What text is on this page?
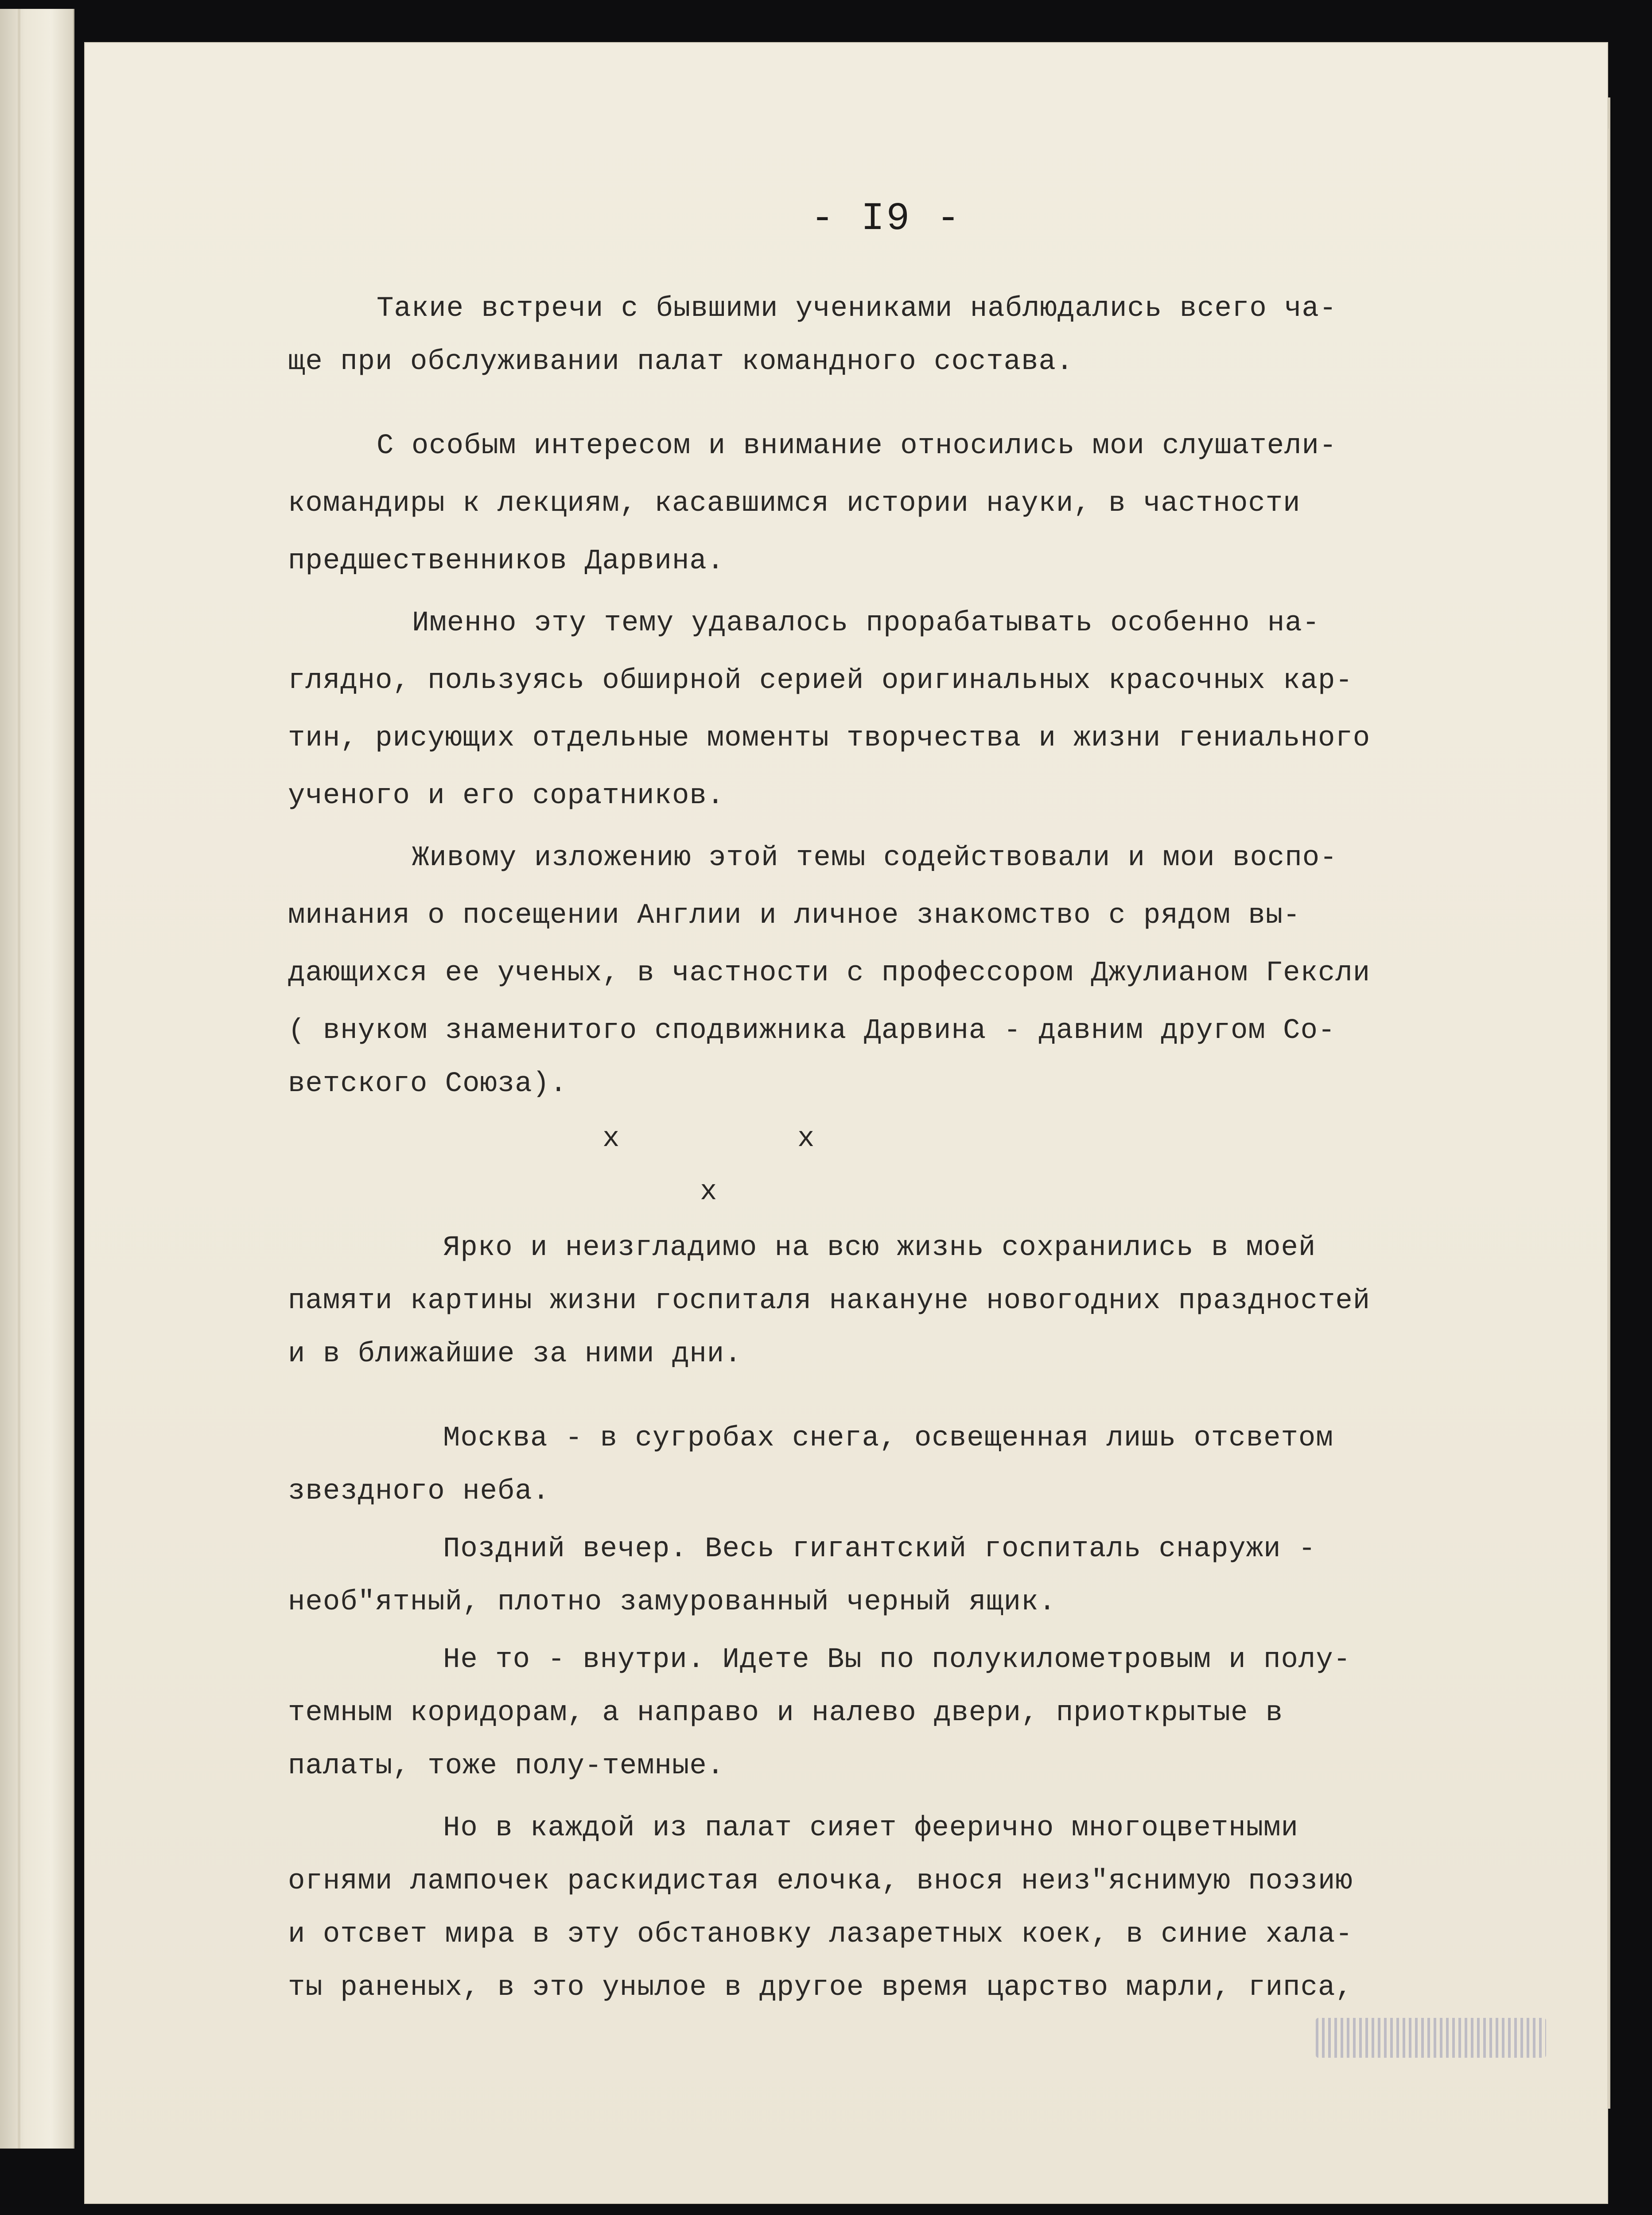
- I9 -
Такие встречи с бывшими учениками наблюдались всего ча-
ще при обслуживании палат командного состава.
С особым интересом и внимание относились мои слушатели-
командиры к лекциям, касавшимся истории науки, в частности
предшественников Дарвина.
Именно эту тему удавалось прорабатывать особенно на-
глядно, пользуясь обширной серией оригинальных красочных кар-
тин, рисующих отдельные моменты творчества и жизни гениального
ученого и его соратников.
Живому изложению этой темы содействовали и мои воспо-
минания о посещении Англии и личное знакомство с рядом вы-
дающихся ее ученых, в частности с профессором Джулианом Гексли
( внуком знаменитого сподвижника Дарвина - давним другом Со-
ветского Союза).
x	x
x
Ярко и неизгладимо на всю жизнь сохранились в моей
памяти картины жизни госпиталя накануне новогодних праздностей
и в ближайшие за ними дни.
Москва - в сугробах снега, освещенная лишь отсветом
звездного неба.
Поздний вечер. Весь гигантский госпиталь снаружи -
необ"ятный, плотно замурованный черный ящик.
Не то - внутри. Идете Вы по полукилометровым и полу-
темным коридорам, а направо и налево двери, приоткрытые в
палаты, тоже полу-темные.
Но в каждой из палат сияет феерично многоцветными
огнями лампочек раскидистая елочка, внося неиз"яснимую поэзию
и отсвет мира в эту обстановку лазаретных коек, в синие хала-
ты раненых, в это унылое в другое время царство марли, гипса,
